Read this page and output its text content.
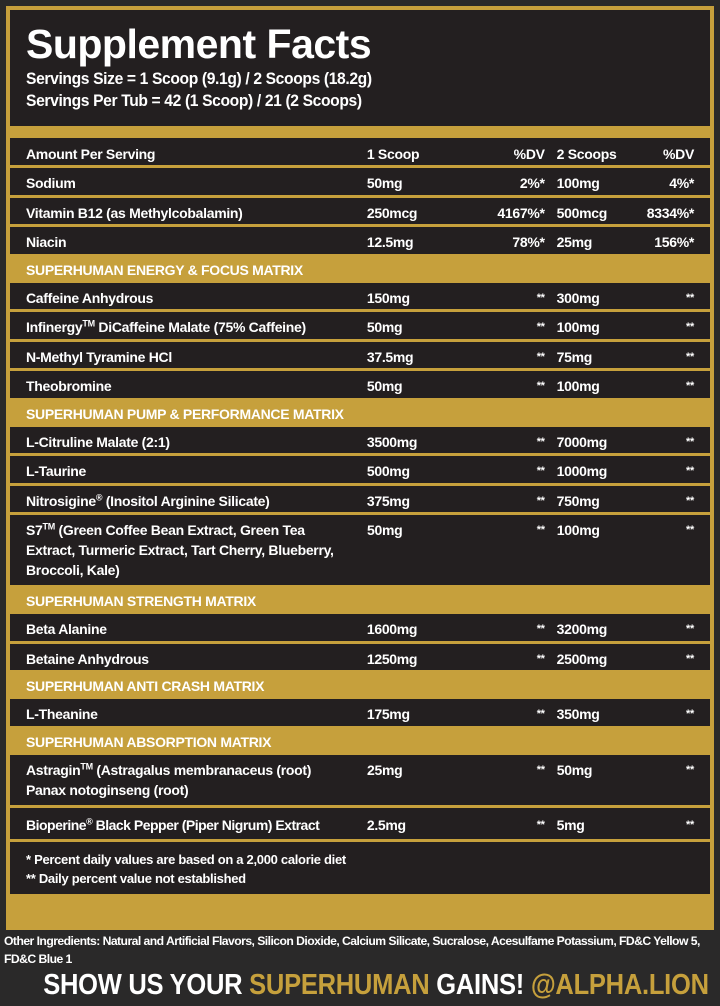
Supplement Facts
Servings Size = 1 Scoop (9.1g) / 2 Scoops (18.2g)
Servings Per Tub = 42 (1 Scoop) / 21 (2 Scoops)
Amount Per Serving	1 Scoop	%DV 2 Scoops	%DV
Sodium	50mg	2%* 100mg	4%*
Vitamin B12 (as Methylcobalamin)	250mcg	4167%* 500mcg	8334%*
Niacin	12.5mg	78%* 25mg	156%*
SUPERHUMAN ENERGY & FOCUS MATRIX
Caffeine Anhydrous	150mg	** 300mg	**
Infinergy™ DiCaffeine Malate (75% Caffeine)	50mg	** 100mg	**
N-Methyl Tyramine HCl	37.5mg	** 75mg	**
Theobromine	50mg	** 100mg	**
SUPERHUMAN PUMP & PERFORMANCE MATRIX
L-Citruline Malate (2:1)	3500mg	** 7000mg	**
L-Taurine	500mg	** 1000mg	**
Nitrosigine® (Inositol Arginine Silicate)	375mg	** 750mg	**
S7™ (Green Coffee Bean Extract, Green Tea Extract, Turmeric Extract, Tart Cherry, Blueberry, Broccoli, Kale)
50mg	** 100mg	**
SUPERHUMAN STRENGTH MATRIX
Beta Alanine	1600mg	** 3200mg	**
Betaine Anhydrous	1250mg	** 2500mg	**
SUPERHUMAN ANTI CRASH MATRIX
L-Theanine	175mg	** 350mg	**
SUPERHUMAN ABSORPTION MATRIX
Astragin™ (Astragalus membranaceus (root) Panax notoginseng (root)
25mg	** 50mg	**
Bioperine® Black Pepper (Piper Nigrum) Extract	2.5mg	** 5mg	**
* Percent daily values are based on a 2,000 calorie diet
** Daily percent value not established
Other Ingredients: Natural and Artificial Flavors, Silicon Dioxide, Calcium Silicate, Sucralose, Acesulfame Potassium, FD&C Yellow 5, FD&C Blue 1
SHOW US YOUR SUPERHUMAN GAINS! @ALPHA.LION
